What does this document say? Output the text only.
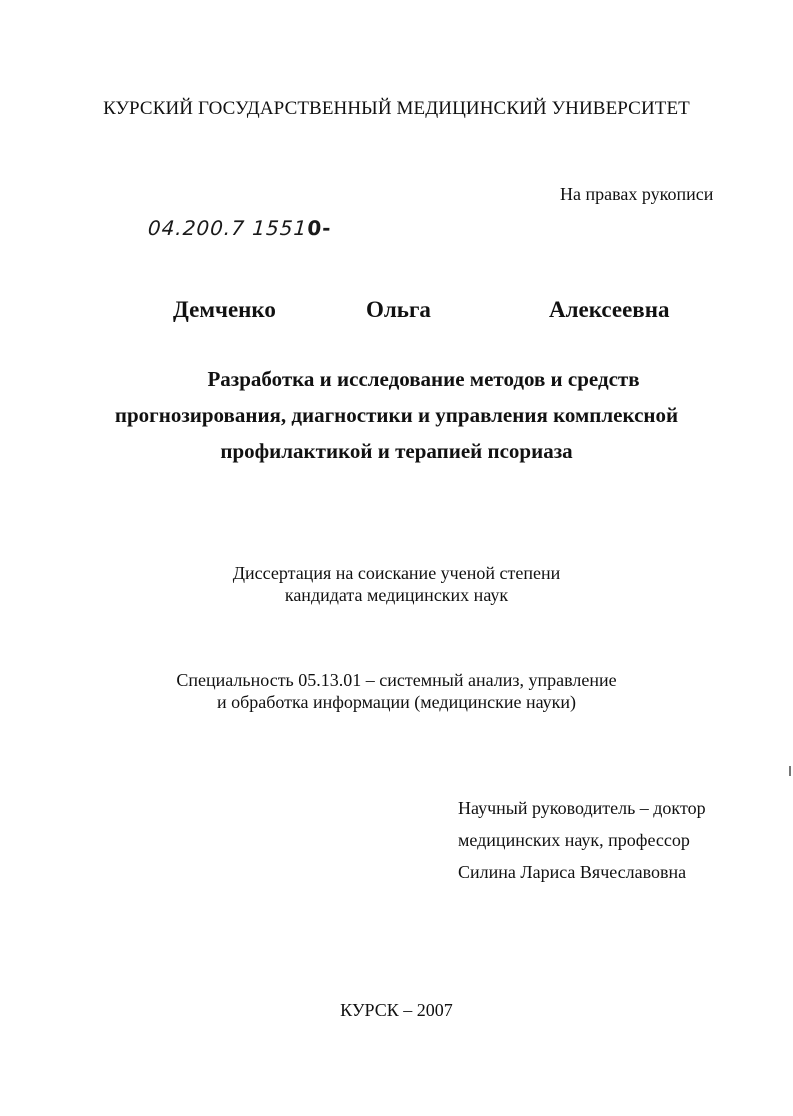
КУРСКИЙ ГОСУДАРСТВЕННЫЙ МЕДИЦИНСКИЙ УНИВЕРСИТЕТ
На правах рукописи
04.200.7 15510-
Демченко	Ольга	Алексеевна
Разработка и исследование методов и средств
прогнозирования, диагностики и управления комплексной
профилактикой и терапией псориаза
Диссертация на соискание ученой степени
кандидата медицинских наук
Специальность 05.13.01 – системный анализ, управление
и обработка информации (медицинские науки)
Научный руководитель – доктор
медицинских наук, профессор
Силина Лариса Вячеславовна
КУРСК – 2007
